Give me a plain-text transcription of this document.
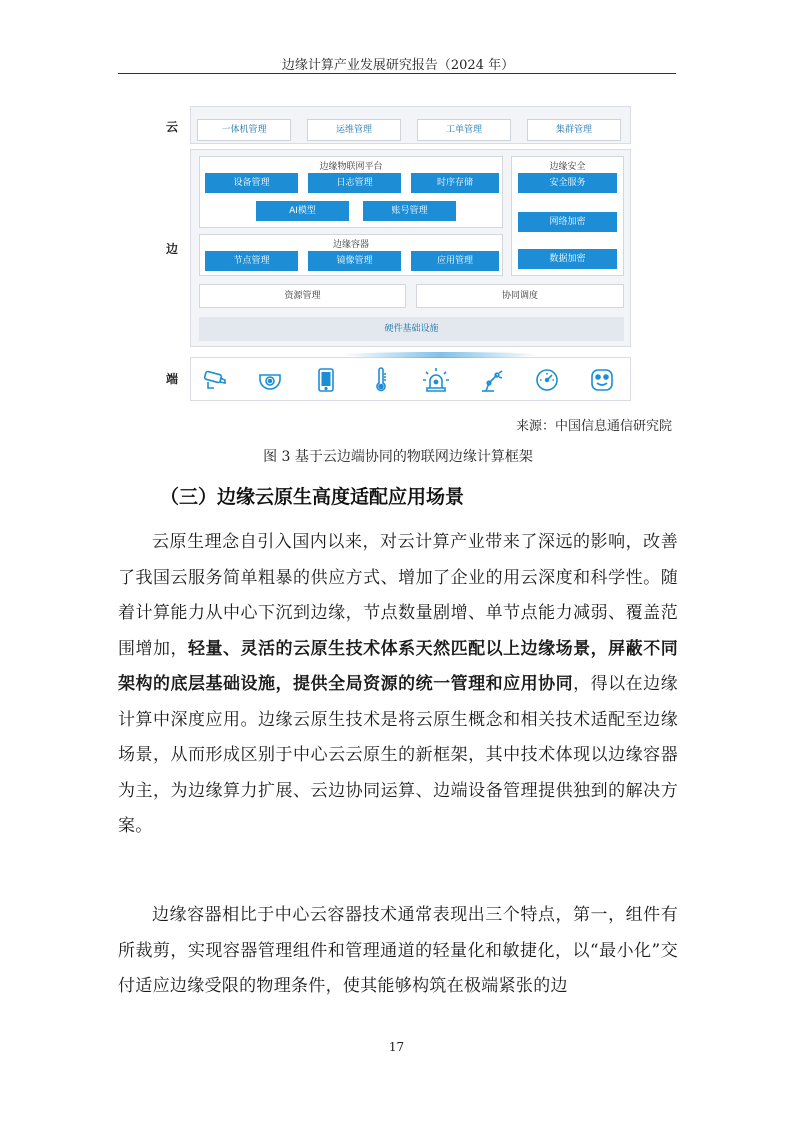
边缘计算产业发展研究报告（2024 年）
云	一体机管理	运维管理	工单管理	集群管理
边
边缘物联网平台
设备管理	日志管理	时序存储
AI模型	账号管理
边缘容器
节点管理	镜像管理	应用管理
边缘安全
安全服务
网络加密
数据加密
资源管理	协同调度
硬件基础设施
端
来源：中国信息通信研究院
图 3 基于云边端协同的物联网边缘计算框架
（三）边缘云原生高度适配应用场景

云原生理念自引入国内以来，对云计算产业带来了深远的影响，改善了我国云服务简单粗暴的供应方式、增加了企业的用云深度和科学性。随着计算能力从中心下沉到边缘，节点数量剧增、单节点能力减弱、覆盖范围增加，轻量、灵活的云原生技术体系天然匹配以上边缘场景，屏蔽不同架构的底层基础设施，提供全局资源的统一管理和应用协同，得以在边缘计算中深度应用。边缘云原生技术是将云原生概念和相关技术适配至边缘场景，从而形成区别于中心云云原生的新框架，其中技术体现以边缘容器为主，为边缘算力扩展、云边协同运算、边端设备管理提供独到的解决方案。

边缘容器相比于中心云容器技术通常表现出三个特点，第一，组件有所裁剪，实现容器管理组件和管理通道的轻量化和敏捷化，以“最小化”交付适应边缘受限的物理条件，使其能够构筑在极端紧张的边

17
